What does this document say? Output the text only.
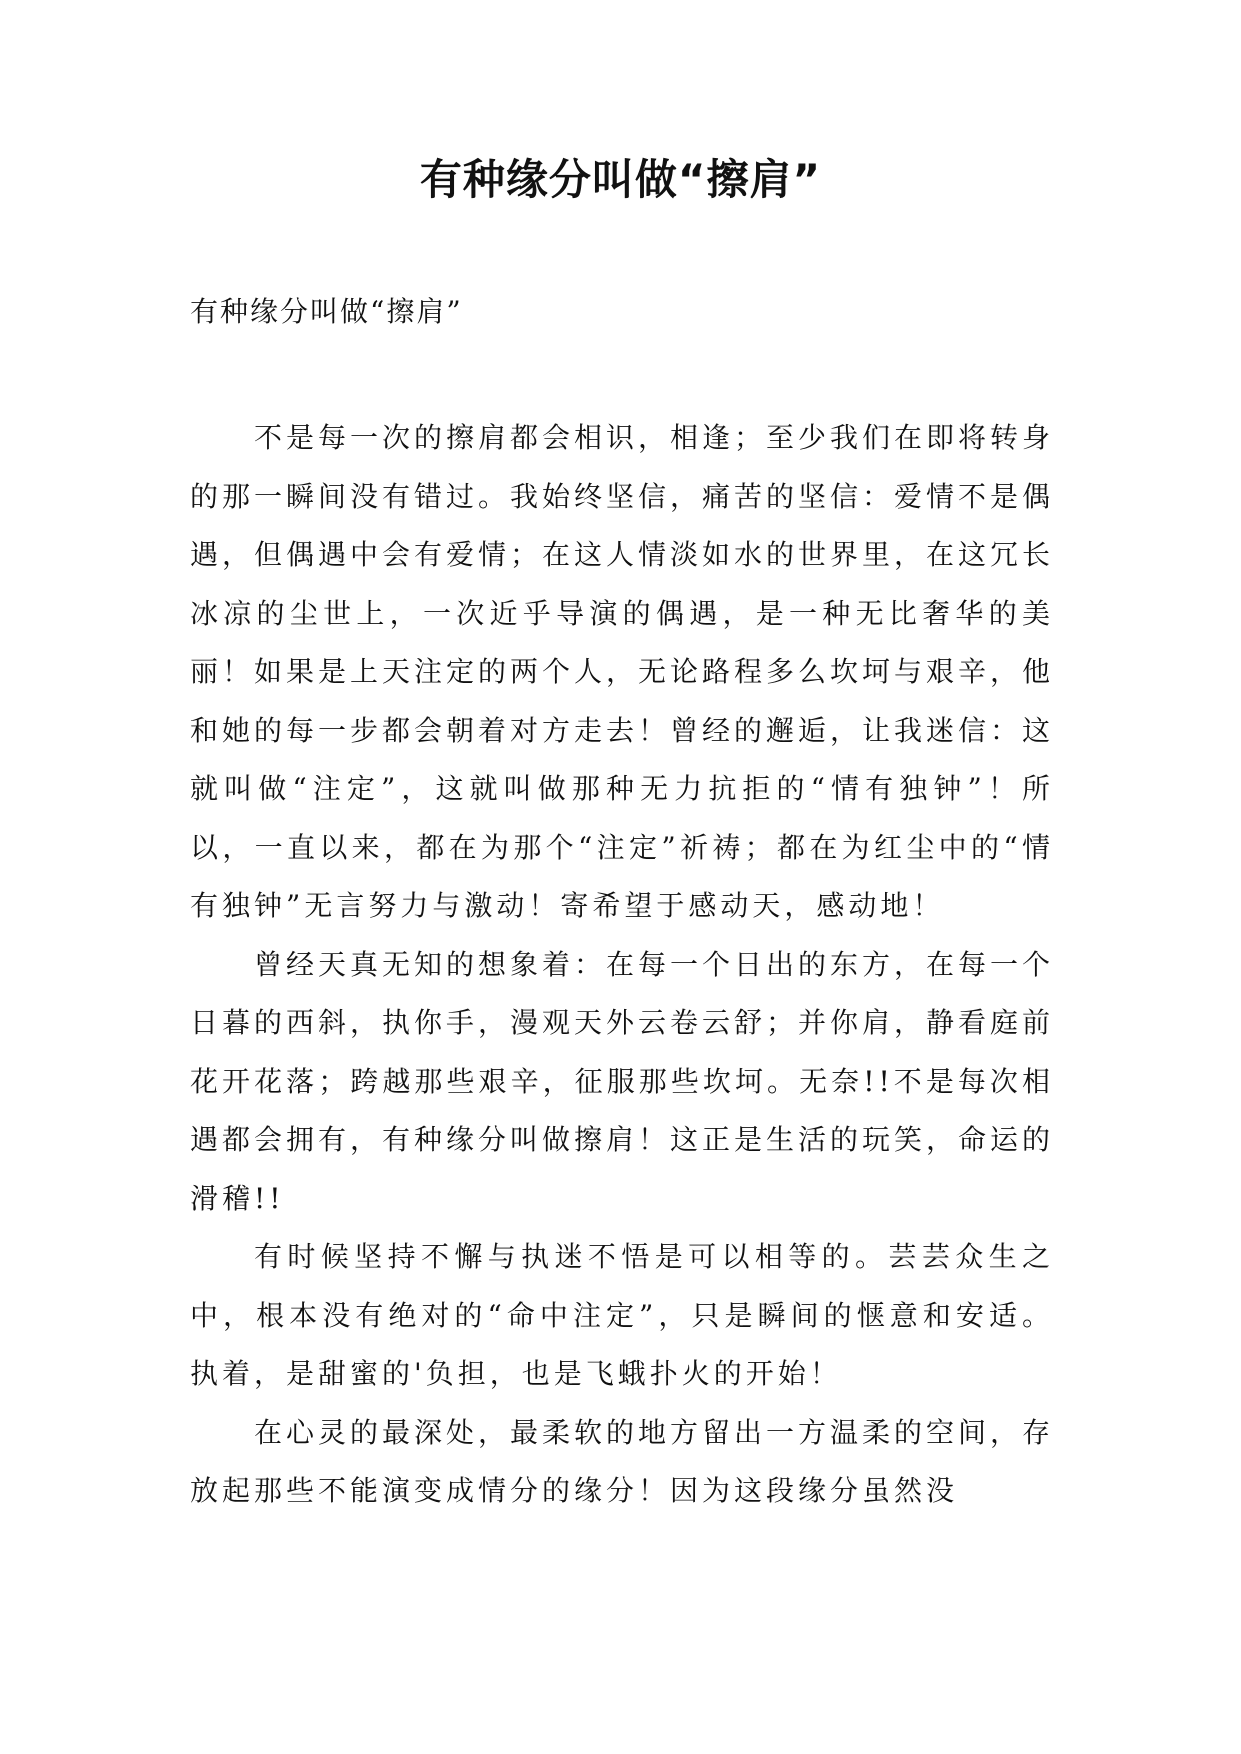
有种缘分叫做“擦肩”

有种缘分叫做“擦肩”

不是每一次的擦肩都会相识，相逢；至少我们在即将转身的那一瞬间没有错过。我始终坚信，痛苦的坚信：爱情不是偶遇，但偶遇中会有爱情；在这人情淡如水的世界里，在这冗长冰凉的尘世上，一次近乎导演的偶遇，是一种无比奢华的美丽！如果是上天注定的两个人，无论路程多么坎坷与艰辛，他和她的每一步都会朝着对方走去！曾经的邂逅，让我迷信：这就叫做“注定”，这就叫做那种无力抗拒的“情有独钟”！所以，一直以来，都在为那个“注定”祈祷；都在为红尘中的“情有独钟”无言努力与激动！寄希望于感动天，感动地！

曾经天真无知的想象着：在每一个日出的东方，在每一个日暮的西斜，执你手，漫观天外云卷云舒；并你肩，静看庭前花开花落；跨越那些艰辛，征服那些坎坷。无奈!!不是每次相遇都会拥有，有种缘分叫做擦肩！这正是生活的玩笑，命运的滑稽!!

有时候坚持不懈与执迷不悟是可以相等的。芸芸众生之中，根本没有绝对的“命中注定”，只是瞬间的惬意和安适。执着，是甜蜜的'负担，也是飞蛾扑火的开始！

在心灵的最深处，最柔软的地方留出一方温柔的空间，存放起那些不能演变成情分的缘分！因为这段缘分虽然没
